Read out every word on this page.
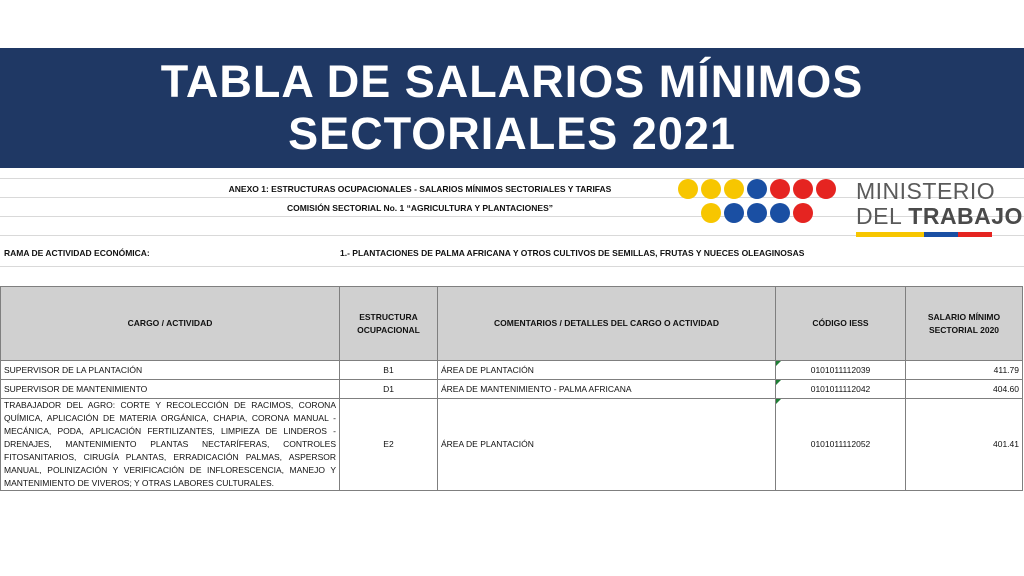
TABLA DE SALARIOS MÍNIMOS
SECTORIALES 2021
ANEXO 1: ESTRUCTURAS OCUPACIONALES - SALARIOS MÍNIMOS SECTORIALES Y TARIFAS
COMISIÓN SECTORIAL No. 1 “AGRICULTURA Y PLANTACIONES”
MINISTERIO
DEL TRABAJO
RAMA DE ACTIVIDAD ECONÓMICA:	1.- PLANTACIONES DE PALMA AFRICANA Y OTROS CULTIVOS DE SEMILLAS, FRUTAS Y NUECES OLEAGINOSAS
CARGO / ACTIVIDAD	ESTRUCTURA OCUPACIONAL	COMENTARIOS / DETALLES DEL CARGO O ACTIVIDAD	CÓDIGO IESS	SALARIO MÍNIMO SECTORIAL 2020
SUPERVISOR DE LA PLANTACIÓN	B1	ÁREA DE PLANTACIÓN	0101011112039	411.79
SUPERVISOR DE MANTENIMIENTO	D1	ÁREA DE MANTENIMIENTO - PALMA AFRICANA	0101011112042	404.60
TRABAJADOR DEL AGRO: CORTE Y RECOLECCIÓN DE RACIMOS, CORONA QUÍMICA, APLICACIÓN DE MATERIA ORGÁNICA, CHAPIA, CORONA MANUAL - MECÁNICA, PODA, APLICACIÓN FERTILIZANTES, LIMPIEZA DE LINDEROS - DRENAJES, MANTENIMIENTO PLANTAS NECTARÍFERAS, CONTROLES FITOSANITARIOS, CIRUGÍA PLANTAS, ERRADICACIÓN PALMAS, ASPERSOR MANUAL, POLINIZACIÓN Y VERIFICACIÓN DE INFLORESCENCIA, MANEJO Y MANTENIMIENTO DE VIVEROS; Y OTRAS LABORES CULTURALES.	E2	ÁREA DE PLANTACIÓN	0101011112052	401.41
